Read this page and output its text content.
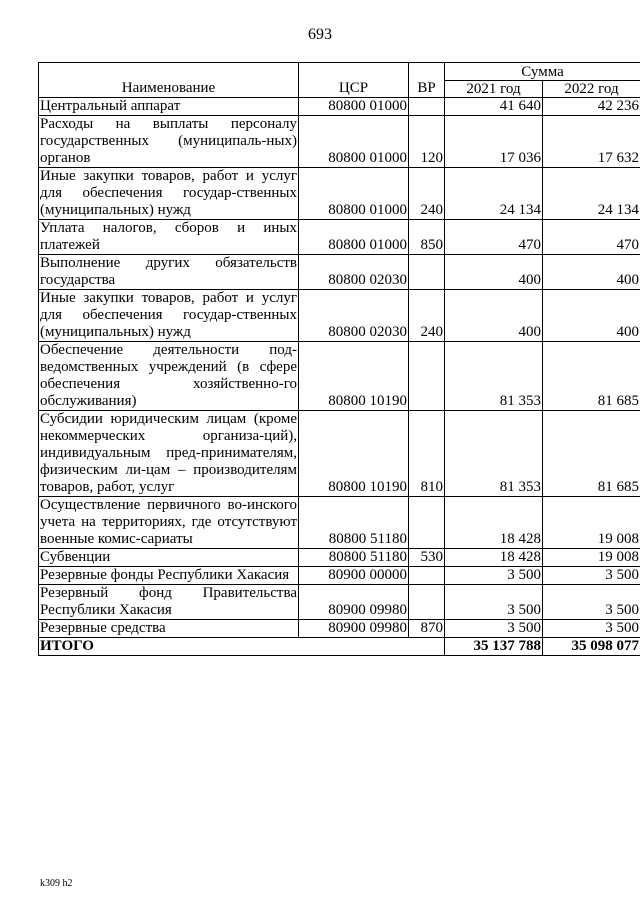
693
Наименование	ЦСР	ВР	Сумма	
			2021 год	2022 год
Центральный аппарат	80800 01000		41 640	42 236
Расходы на выплаты персоналу государственных (муниципаль-ных) органов	80800 01000	120	17 036	17 632
Иные закупки товаров, работ и услуг для обеспечения государ-ственных (муниципальных) нужд	80800 01000	240	24 134	24 134
Уплата налогов, сборов и иных платежей	80800 01000	850	470	470
Выполнение других обязательств государства	80800 02030		400	400
Иные закупки товаров, работ и услуг для обеспечения государ-ственных (муниципальных) нужд	80800 02030	240	400	400
Обеспечение деятельности под-ведомственных учреждений (в сфере обеспечения хозяйственно-го обслуживания)	80800 10190		81 353	81 685
Субсидии юридическим лицам (кроме некоммерческих организа-ций), индивидуальным пред-принимателям, физическим ли-цам – производителям товаров, работ, услуг	80800 10190	810	81 353	81 685
Осуществление первичного во-инского учета на территориях, где отсутствуют военные комис-сариаты	80800 51180		18 428	19 008
Субвенции	80800 51180	530	18 428	19 008
Резервные фонды Республики Хакасия	80900 00000		3 500	3 500
Резервный фонд Правительства Республики Хакасия	80900 09980		3 500	3 500
Резервные средства	80900 09980	870	3 500	3 500
ИТОГО			35 137 788	35 098 077
k309 h2
